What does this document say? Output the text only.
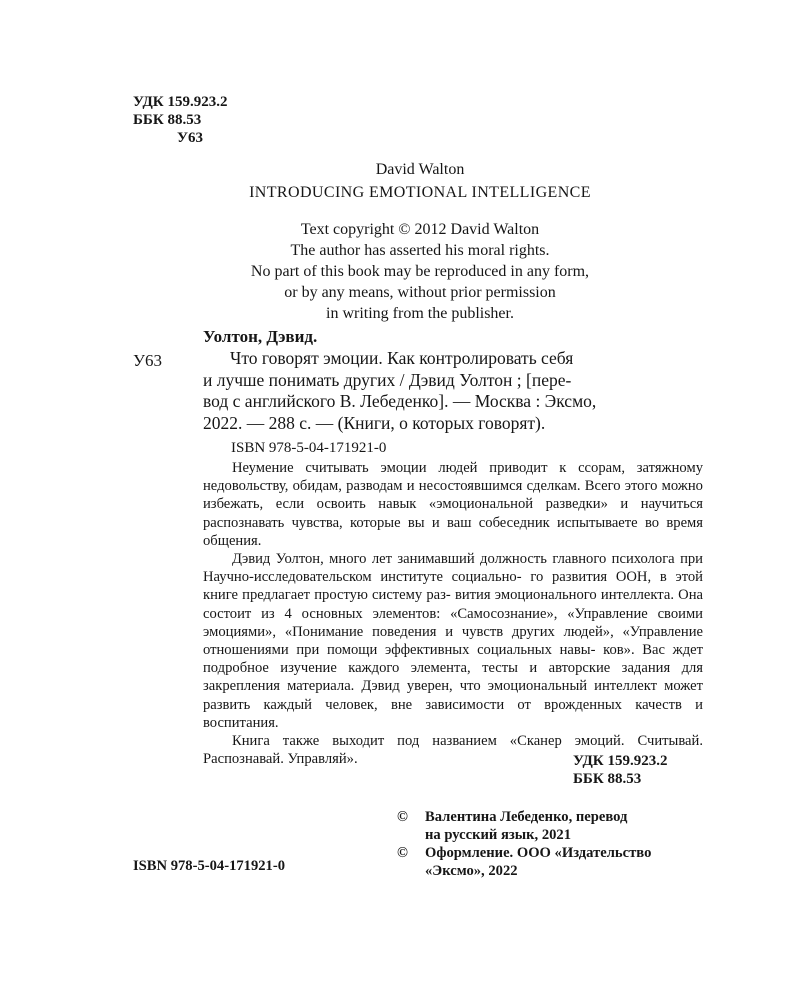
УДК 159.923.2
ББК 88.53
У63
David Walton
INTRODUCING EMOTIONAL INTELLIGENCE
Text copyright © 2012 David Walton
The author has asserted his moral rights.
No part of this book may be reproduced in any form,
or by any means, without prior permission
in writing from the publisher.
Уолтон, Дэвид.
У63	Что говорят эмоции. Как контролировать себя

и лучше понимать других / Дэвид Уолтон ; [пере-

вод с английского В. Лебеденко]. — Москва : Эксмо,

2022. — 288 с. — (Книги, о которых говорят).

ISBN 978-5-04-171921-0

Неумение считывать эмоции людей приводит к ссорам, затяжному недовольству, обидам, разводам и несостоявшимся сделкам. Всего этого можно избежать, если освоить навык «эмоциональной разведки» и научиться распознавать чувства, которые вы и ваш собеседник испытываете во время общения.

Дэвид Уолтон, много лет занимавший должность главного психолога при Научно-исследовательском институте социально- го развития ООН, в этой книге предлагает простую систему раз- вития эмоционального интеллекта. Она состоит из 4 основных элементов: «Самосознание», «Управление своими эмоциями», «Понимание поведения и чувств других людей», «Управление отношениями при помощи эффективных социальных навы- ков». Вас ждет подробное изучение каждого элемента, тесты и авторские задания для закрепления материала. Дэвид уверен, что эмоциональный интеллект может развить каждый человек, вне зависимости от врожденных качеств и воспитания.

Книга также выходит под названием «Сканер эмоций. Считывай. Распознавай. Управляй».	УДК 159.923.2
ББК 88.53
©	Валентина Лебеденко, перевод
на русский язык, 2021
©	Оформление. ООО «Издательство
«Эксмо», 2022
ISBN 978-5-04-171921-0
